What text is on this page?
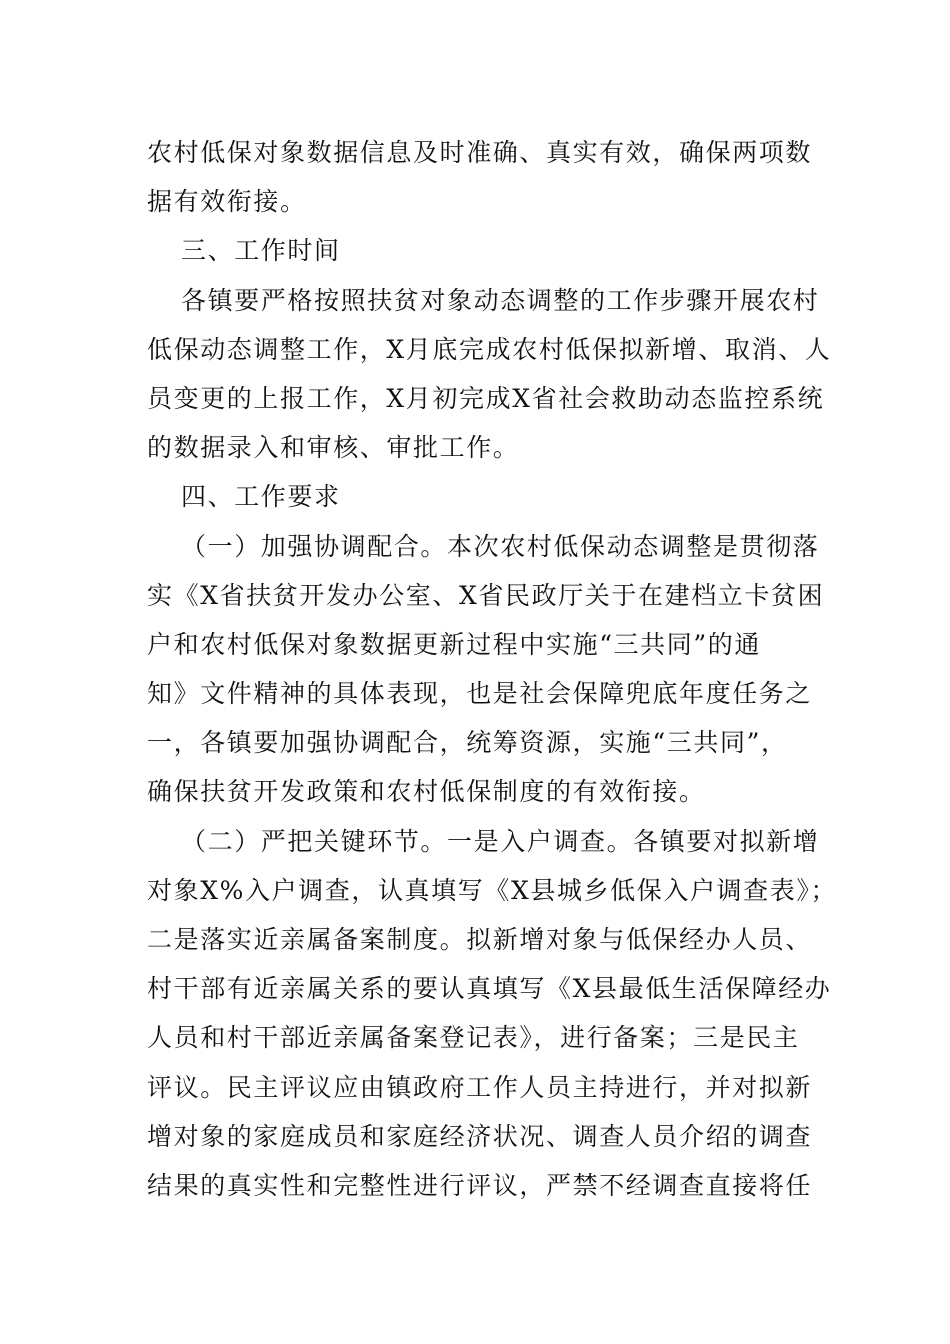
农村低保对象数据信息及时准确、真实有效，确保两项数
据有效衔接。
三、工作时间
各镇要严格按照扶贫对象动态调整的工作步骤开展农村
低保动态调整工作，X月底完成农村低保拟新增、取消、人
员变更的上报工作，X月初完成X省社会救助动态监控系统
的数据录入和审核、审批工作。
四、工作要求
（一）加强协调配合。本次农村低保动态调整是贯彻落
实《X省扶贫开发办公室、X省民政厅关于在建档立卡贫困
户和农村低保对象数据更新过程中实施“三共同”的通
知》文件精神的具体表现，也是社会保障兜底年度任务之
一，各镇要加强协调配合，统筹资源，实施“三共同”，
确保扶贫开发政策和农村低保制度的有效衔接。
（二）严把关键环节。一是入户调查。各镇要对拟新增
对象X%入户调查，认真填写《X县城乡低保入户调查表》；
二是落实近亲属备案制度。拟新增对象与低保经办人员、
村干部有近亲属关系的要认真填写《X县最低生活保障经办
人员和村干部近亲属备案登记表》，进行备案；三是民主
评议。民主评议应由镇政府工作人员主持进行，并对拟新
增对象的家庭成员和家庭经济状况、调查人员介绍的调查
结果的真实性和完整性进行评议，严禁不经调查直接将任
